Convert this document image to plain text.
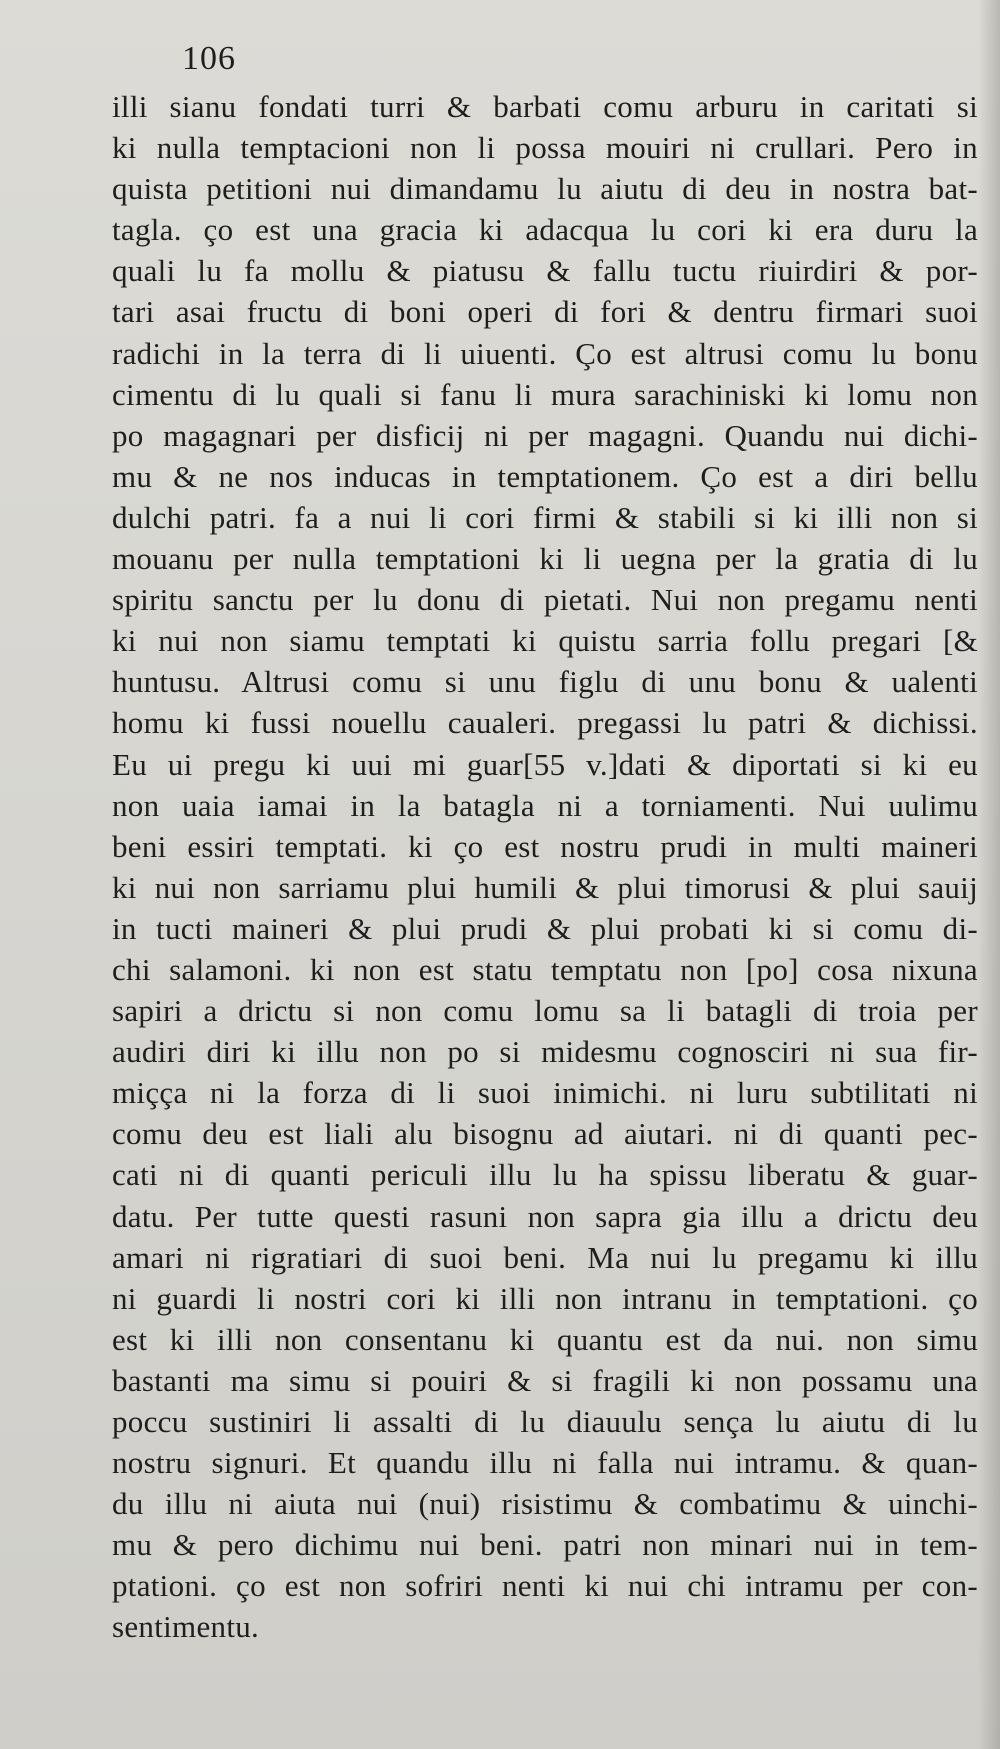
106
illi sianu fondati turri & barbati comu arburu in caritati si
ki nulla temptacioni non li possa mouiri ni crullari. Pero in
quista petitioni nui dimandamu lu aiutu di deu in nostra bat-
tagla. ço est una gracia ki adacqua lu cori ki era duru la
quali lu fa mollu & piatusu & fallu tuctu riuirdiri & por-
tari asai fructu di boni operi di fori & dentru firmari suoi
radichi in la terra di li uiuenti. Ço est altrusi comu lu bonu
cimentu di lu quali si fanu li mura sarachiniski ki lomu non
po magagnari per disficij ni per magagni. Quandu nui dichi-
mu & ne nos inducas in temptationem. Ço est a diri bellu
dulchi patri. fa a nui li cori firmi & stabili si ki illi non si
mouanu per nulla temptationi ki li uegna per la gratia di lu
spiritu sanctu per lu donu di pietati. Nui non pregamu nenti
ki nui non siamu temptati ki quistu sarria follu pregari [&
huntusu. Altrusi comu si unu figlu di unu bonu & ualenti
homu ki fussi nouellu caualeri. pregassi lu patri & dichissi.
Eu ui pregu ki uui mi guar[55 v.]dati & diportati si ki eu
non uaia iamai in la batagla ni a torniamenti. Nui uulimu
beni essiri temptati. ki ço est nostru prudi in multi maineri
ki nui non sarriamu plui humili & plui timorusi & plui sauij
in tucti maineri & plui prudi & plui probati ki si comu di-
chi salamoni. ki non est statu temptatu non [po] cosa nixuna
sapiri a drictu si non comu lomu sa li batagli di troia per
audiri diri ki illu non po si midesmu cognosciri ni sua fir-
miçça ni la forza di li suoi inimichi. ni luru subtilitati ni
comu deu est liali alu bisognu ad aiutari. ni di quanti pec-
cati ni di quanti periculi illu lu ha spissu liberatu & guar-
datu. Per tutte questi rasuni non sapra gia illu a drictu deu
amari ni rigratiari di suoi beni. Ma nui lu pregamu ki illu
ni guardi li nostri cori ki illi non intranu in temptationi. ço
est ki illi non consentanu ki quantu est da nui. non simu
bastanti ma simu si pouiri & si fragili ki non possamu una
poccu sustiniri li assalti di lu diauulu sença lu aiutu di lu
nostru signuri. Et quandu illu ni falla nui intramu. & quan-
du illu ni aiuta nui (nui) risistimu & combatimu & uinchi-
mu & pero dichimu nui beni. patri non minari nui in tem-
ptationi. ço est non sofriri nenti ki nui chi intramu per con-
sentimentu.
